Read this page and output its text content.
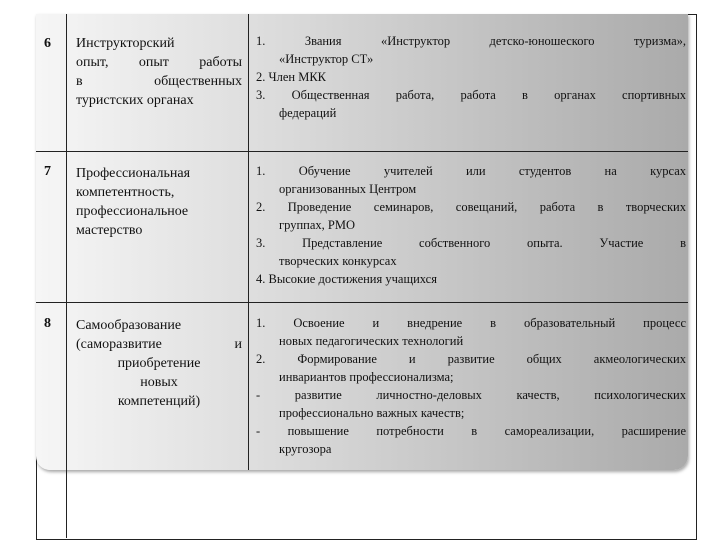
6 Инструкторский
опыт, опыт работы
в общественных
туристских органах

1. Звания «Инструктор детско-юношеского туризма»,

«Инструктор СТ»

2. Член МКК

3. Общественная работа, работа в органах спортивных

федераций

7 Профессиональная
компетентность,
профессиональное
мастерство

1. Обучение учителей или студентов на курсах

организованных Центром

2. Проведение семинаров, совещаний, работа в творческих

группах, РМО

3. Представление собственного опыта. Участие в

творческих конкурсах

4. Высокие достижения учащихся

8 Самообразование
(саморазвитие и
приобретение
новых
компетенций)

1. Освоение и внедрение в образовательный процесс

новых педагогических технологий

2. Формирование и развитие общих акмеологических

инвариантов профессионализма;

- развитие личностно-деловых качеств, психологических

профессионально важных качеств;

- повышение потребности в самореализации, расширение

кругозора
